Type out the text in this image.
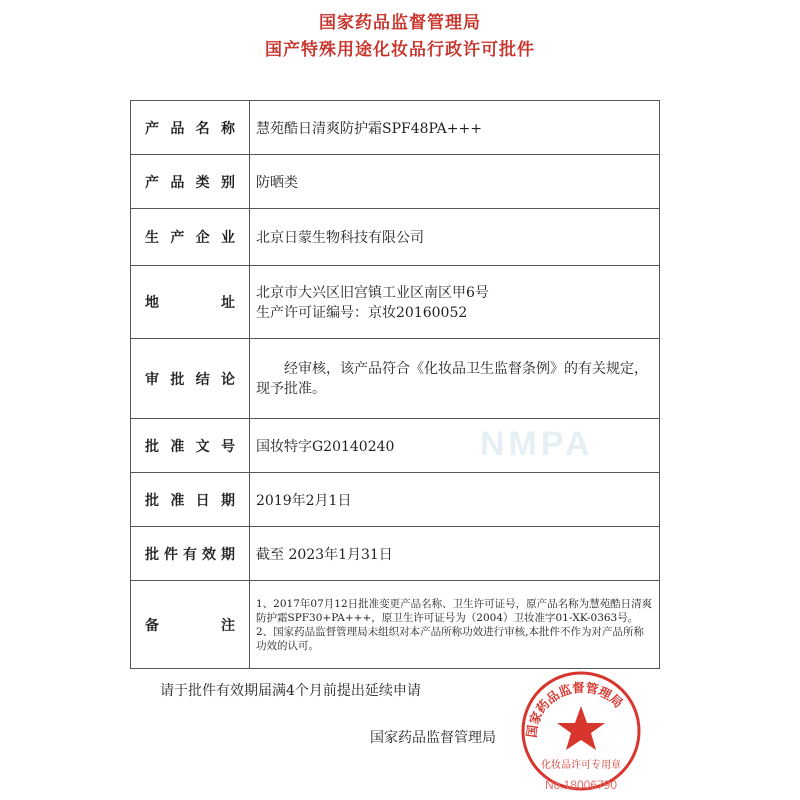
国家药品监督管理局
国产特殊用途化妆品行政许可批件
产品名称	慧苑酷日清爽防护霜SPF48PA+++
产品类别	防晒类
生产企业	北京日蒙生物科技有限公司
地址	北京市大兴区旧宫镇工业区南区甲6号
生产许可证编号：京妆20160052

审批结论	经审核，该产品符合《化妆品卫生监督条例》的有关规定，现予批准。
批准文号	国妆特字G20140240
批准日期	2019年2月1日
批件有效期	截至 2023年1月31日
备注	1、2017年07月12日批准变更产品名称、卫生许可证号，原产品名称为慧苑酷日清爽防护霜SPF30+PA+++，原卫生许可证号为（2004）卫妆准字01-XK-0363号。
2、国家药品监督管理局未组织对本产品所称功效进行审核,本批件不作为对产品所称功效的认可。
NMPA
请于批件有效期届满4个月前提出延续申请
国家药品监督管理局 国家药品监督管理局
化妆品许可专用章
No.18006790
